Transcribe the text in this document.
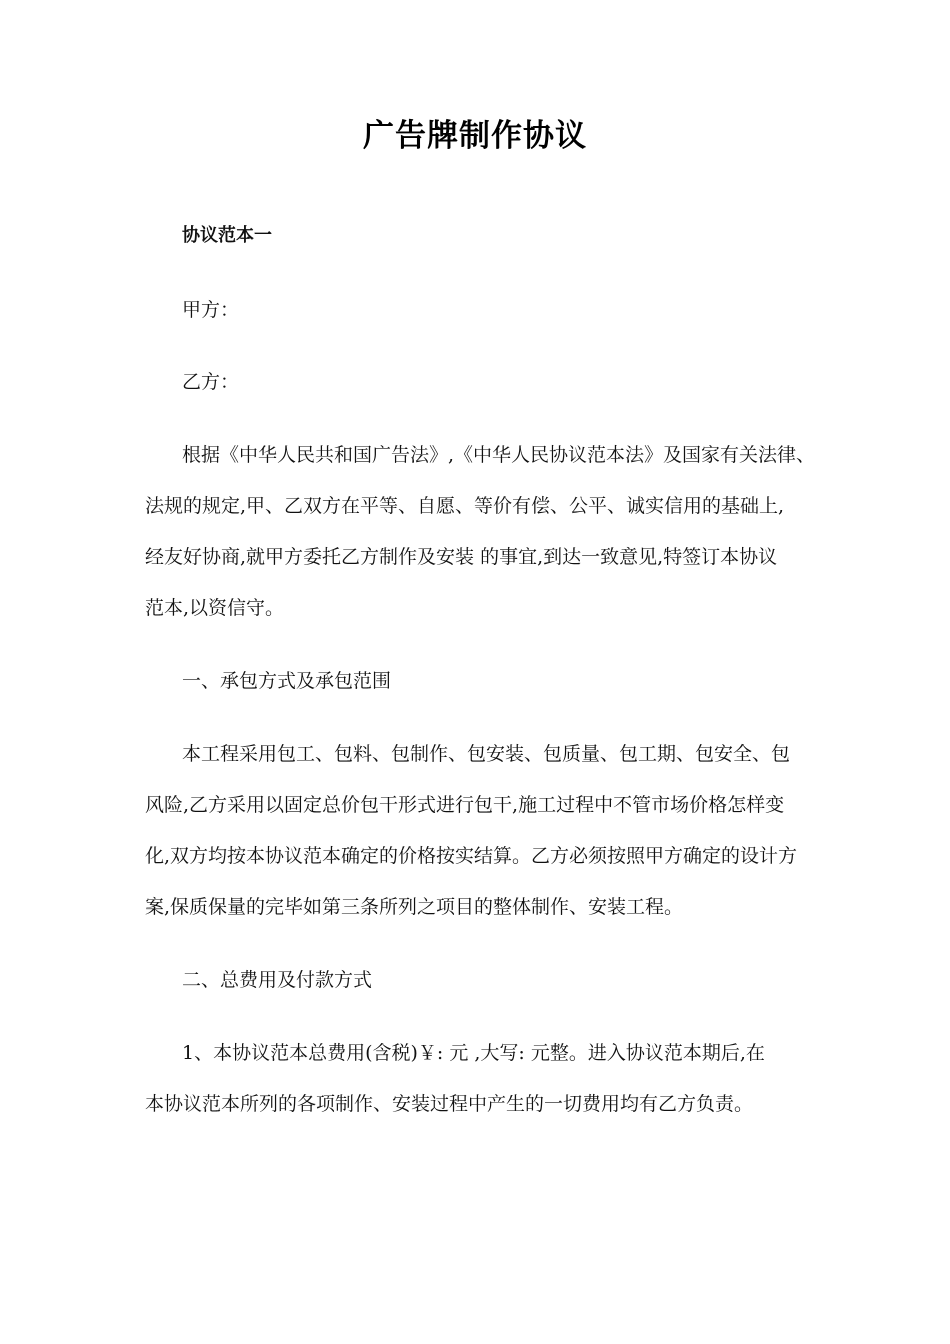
广告牌制作协议
协议范本一
甲方：
乙方：
根据《中华人民共和国广告法》,《中华人民协议范本法》及国家有关法律、
法规的规定,甲、乙双方在平等、自愿、等价有偿、公平、诚实信用的基础上,
经友好协商,就甲方委托乙方制作及安装 的事宜,到达一致意见,特签订本协议
范本,以资信守。
一、承包方式及承包范围
本工程采用包工、包料、包制作、包安装、包质量、包工期、包安全、包
风险,乙方采用以固定总价包干形式进行包干,施工过程中不管市场价格怎样变
化,双方均按本协议范本确定的价格按实结算。乙方必须按照甲方确定的设计方
案,保质保量的完毕如第三条所列之项目的整体制作、安装工程。
二、总费用及付款方式
1、本协议范本总费用(含税)￥: 元 ,大写: 元整。进入协议范本期后,在
本协议范本所列的各项制作、安装过程中产生的一切费用均有乙方负责。
